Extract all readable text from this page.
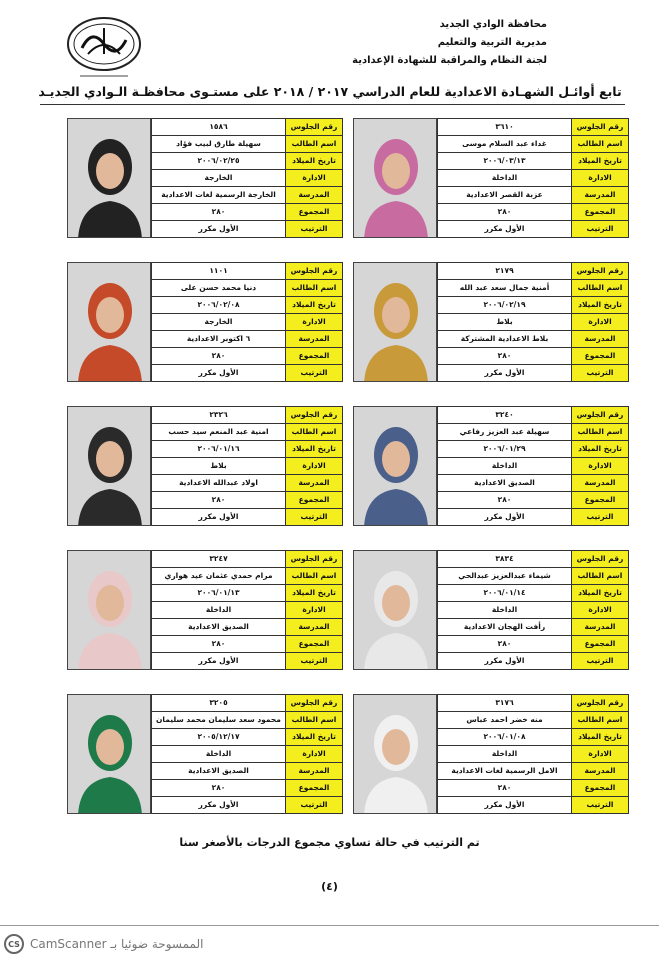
محافظة الوادي الجديد
مديرية التربية والتعليم
لجنة النظام والمراقبة للشهادة الإعدادية
تابع أوائـل الشهـادة الاعدادية للعام الدراسي ٢٠١٧ / ٢٠١٨ على مستـوى محافظـة الـوادي الجديـد
رقم الجلوس	٣٦١٠
اسم الطالب	غداء عبد السلام موسى
تاريخ الميلاد	٢٠٠٦/٠٣/١٣
الادارة	الداخلة
المدرسة	عزبة القصر الاعدادية
المجموع	٢٨٠
الترتيب	الأول مكرر
رقم الجلوس	١٥٨٦
اسم الطالب	سهيلة طارق لبيب فؤاد
تاريخ الميلاد	٢٠٠٦/٠٢/٢٥
الادارة	الخارجة
المدرسة	الخارجة الرسمية لغات الاعدادية
المجموع	٢٨٠
الترتيب	الأول مكرر
رقم الجلوس	٢١٧٩
اسم الطالب	أمنية جمال سعد عبد الله
تاريخ الميلاد	٢٠٠٦/٠٢/١٩
الادارة	بلاط
المدرسة	بلاط الاعدادية المشتركة
المجموع	٢٨٠
الترتيب	الأول مكرر
رقم الجلوس	١١٠١
اسم الطالب	دنيا محمد حسن على
تاريخ الميلاد	٢٠٠٦/٠٢/٠٨
الادارة	الخارجة
المدرسة	٦ اكتوبر الاعدادية
المجموع	٢٨٠
الترتيب	الأول مكرر
رقم الجلوس	٣٢٤٠
اسم الطالب	سهيلة عبد العزيز رفاعي
تاريخ الميلاد	٢٠٠٦/٠١/٢٩
الادارة	الداخلة
المدرسة	الصديق الاعدادية
المجموع	٢٨٠
الترتيب	الأول مكرر
رقم الجلوس	٢٣٢٦
اسم الطالب	امنية عبد المنعم سيد حسب
تاريخ الميلاد	٢٠٠٦/٠١/١٦
الادارة	بلاط
المدرسة	اولاد عبدالله الاعدادية
المجموع	٢٨٠
الترتيب	الأول مكرر
رقم الجلوس	٣٨٣٤
اسم الطالب	شيماء عبدالعزيز عبدالحي
تاريخ الميلاد	٢٠٠٦/٠١/١٤
الادارة	الداخلة
المدرسة	رأفت الهجان الاعدادية
المجموع	٢٨٠
الترتيب	الأول مكرر
رقم الجلوس	٣٢٤٧
اسم الطالب	مرام حمدي عثمان عيد هواري
تاريخ الميلاد	٢٠٠٦/٠١/١٣
الادارة	الداخلة
المدرسة	الصديق الاعدادية
المجموع	٢٨٠
الترتيب	الأول مكرر
رقم الجلوس	٣١٧٦
اسم الطالب	منه خضر احمد عباس
تاريخ الميلاد	٢٠٠٦/٠١/٠٨
الادارة	الداخلة
المدرسة	الامل الرسمية لغات الاعدادية
المجموع	٢٨٠
الترتيب	الأول مكرر
رقم الجلوس	٣٢٠٥
اسم الطالب	محمود سعد سليمان محمد سليمان
تاريخ الميلاد	٢٠٠٥/١٢/١٧
الادارة	الداخلة
المدرسة	الصديق الاعدادية
المجموع	٢٨٠
الترتيب	الأول مكرر
تم الترتيب في حالة تساوي مجموع الدرجات بالأصغر سنا
(٤)
CS الممسوحة ضوئيا بـ CamScanner
